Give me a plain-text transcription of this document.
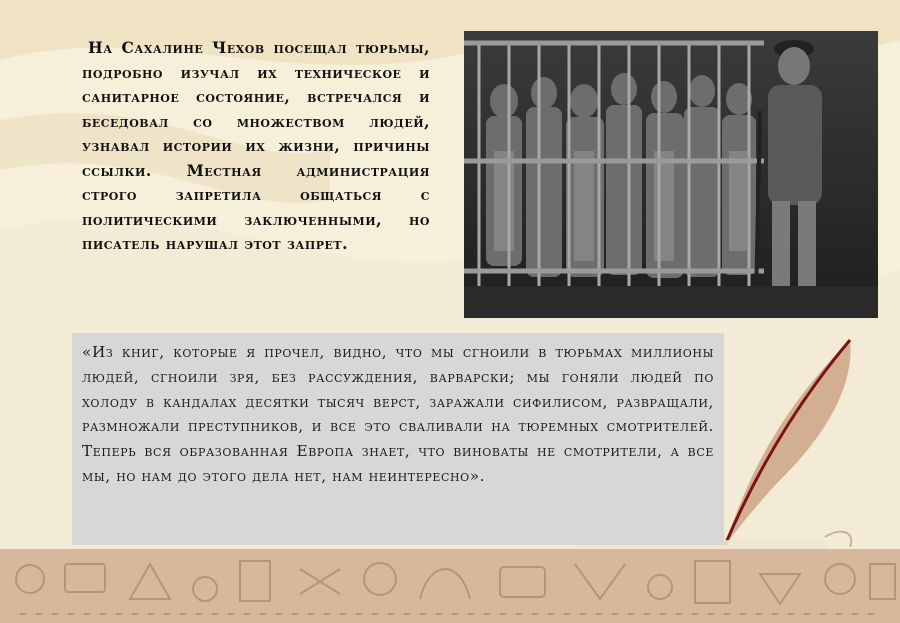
На Сахалине Чехов посещал тюрьмы, подробно изучал их техническое и санитарное состояние, встречался и беседовал со множеством людей, узнавал истории их жизни, причины ссылки. Местная администрация строго запретила общаться с политическими заключенными, но писатель нарушал этот запрет.
«Из книг, которые я прочел, видно, что мы сгноили в тюрьмах миллионы людей, сгноили зря, без рассуждения, варварски; мы гоняли людей по холоду в кандалах десятки тысяч верст, заражали сифилисом, развращали, размножали преступников, и все это сваливали на тюремных смотрителей. Теперь вся образованная Европа знает, что виноваты не смотрители, а все мы, но нам до этого дела нет, нам неинтересно».
